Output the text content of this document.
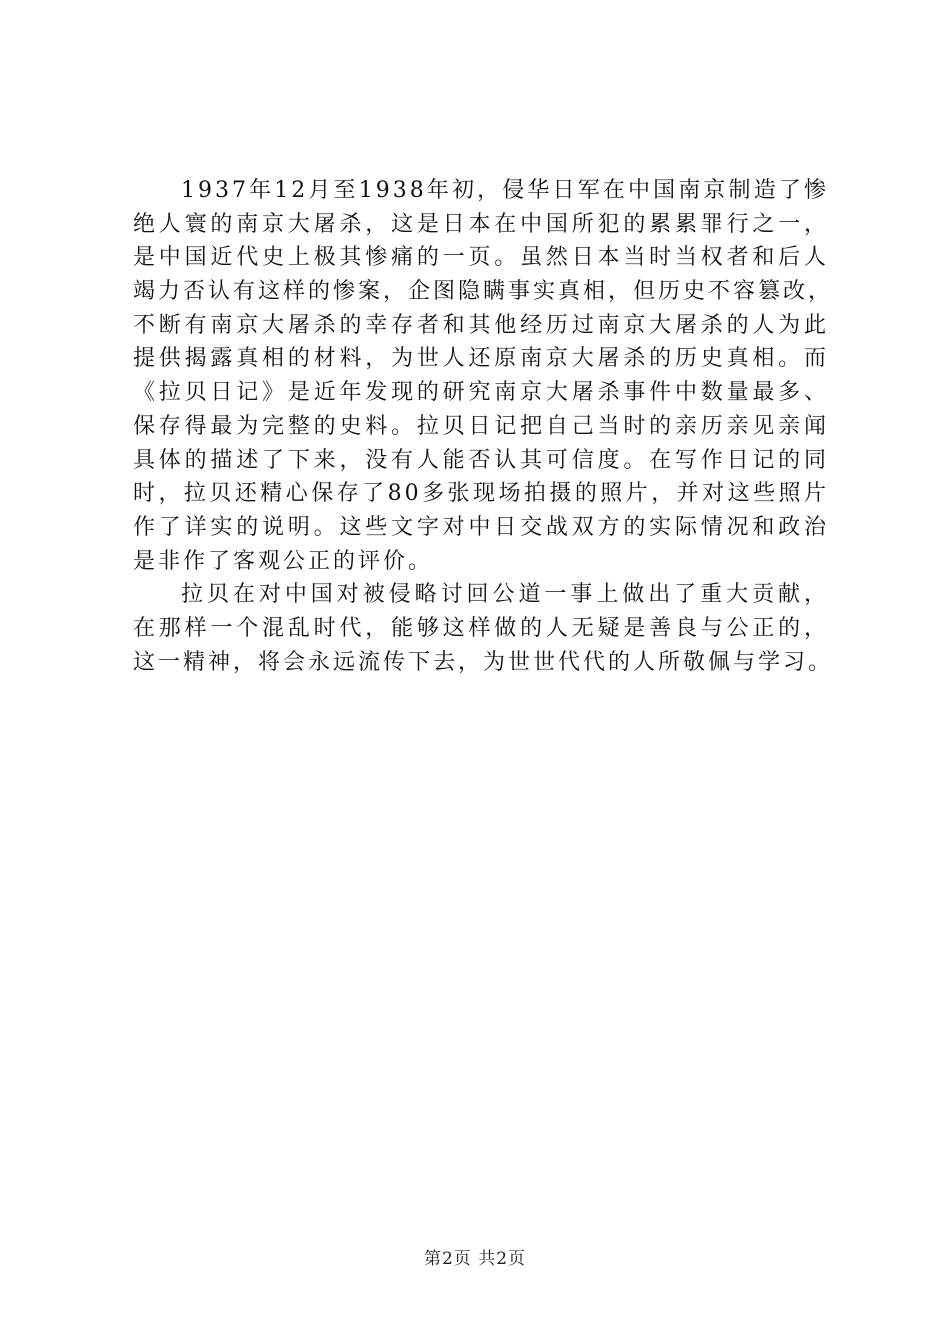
1937年12月至1938年初，侵华日军在中国南京制造了惨
绝人寰的南京大屠杀，这是日本在中国所犯的累累罪行之一，
是中国近代史上极其惨痛的一页。虽然日本当时当权者和后人
竭力否认有这样的惨案，企图隐瞒事实真相，但历史不容篡改，
不断有南京大屠杀的幸存者和其他经历过南京大屠杀的人为此
提供揭露真相的材料，为世人还原南京大屠杀的历史真相。而
《拉贝日记》是近年发现的研究南京大屠杀事件中数量最多、
保存得最为完整的史料。拉贝日记把自己当时的亲历亲见亲闻
具体的描述了下来，没有人能否认其可信度。在写作日记的同
时，拉贝还精心保存了80多张现场拍摄的照片，并对这些照片
作了详实的说明。这些文字对中日交战双方的实际情况和政治
是非作了客观公正的评价。
拉贝在对中国对被侵略讨回公道一事上做出了重大贡献，
在那样一个混乱时代，能够这样做的人无疑是善良与公正的，
这一精神，将会永远流传下去，为世世代代的人所敬佩与学习。
第2页 共2页
